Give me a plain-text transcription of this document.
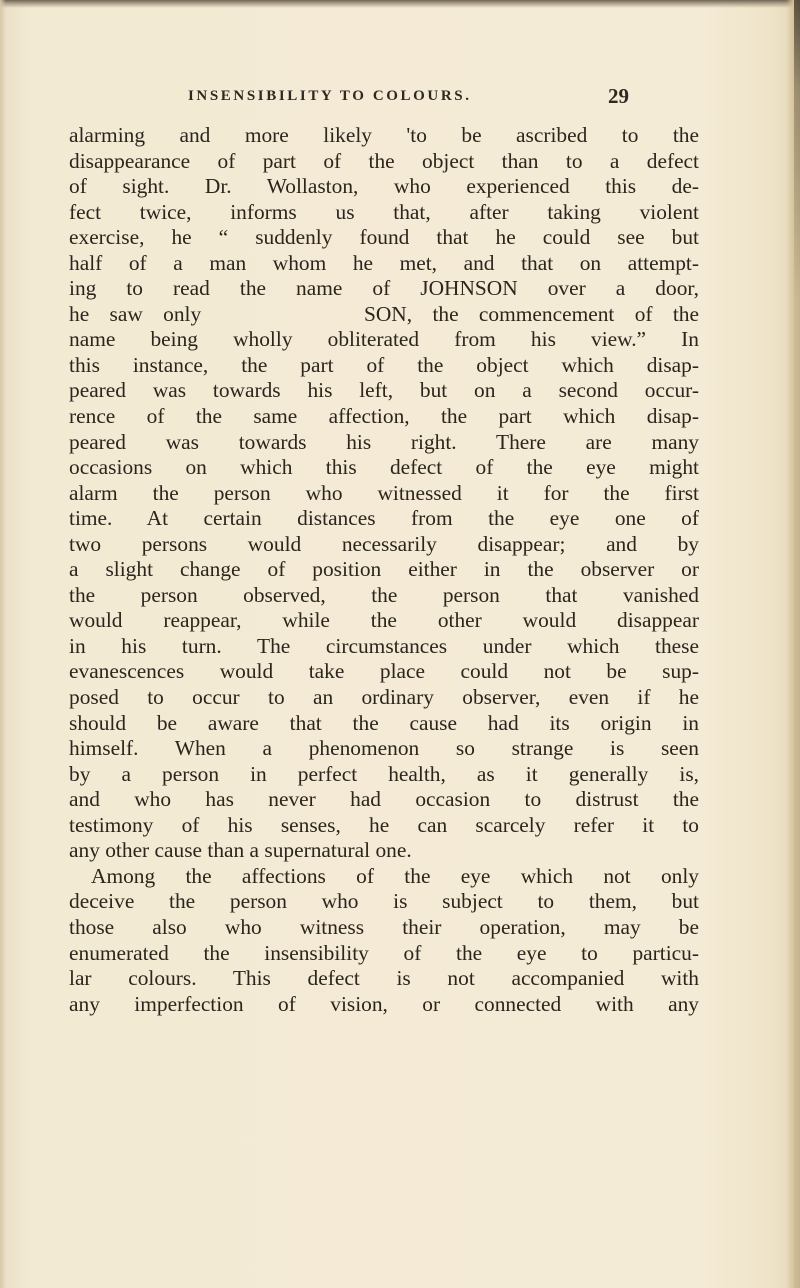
INSENSIBILITY TO COLOURS.	29
alarming and more likely 'to be ascribed to the
disappearance of part of the object than to a defect
of sight. Dr. Wollaston, who experienced this de-
fect twice, informs us that, after taking violent
exercise, he “ suddenly found that he could see but
half of a man whom he met, and that on attempt-
ing to read the name of JOHNSON over a door,
he saw only        SON, the commencement of the
name being wholly obliterated from his view.” In
this instance, the part of the object which disap-
peared was towards his left, but on a second occur-
rence of the same affection, the part which disap-
peared was towards his right. There are many
occasions on which this defect of the eye might
alarm the person who witnessed it for the first
time. At certain distances from the eye one of
two persons would necessarily disappear; and by
a slight change of position either in the observer or
the person observed, the person that vanished
would reappear, while the other would disappear
in his turn. The circumstances under which these
evanescences would take place could not be sup-
posed to occur to an ordinary observer, even if he
should be aware that the cause had its origin in
himself. When a phenomenon so strange is seen
by a person in perfect health, as it generally is,
and who has never had occasion to distrust the
testimony of his senses, he can scarcely refer it to
any other cause than a supernatural one.
Among the affections of the eye which not only
deceive the person who is subject to them, but
those also who witness their operation, may be
enumerated the insensibility of the eye to particu-
lar colours. This defect is not accompanied with
any imperfection of vision, or connected with any
